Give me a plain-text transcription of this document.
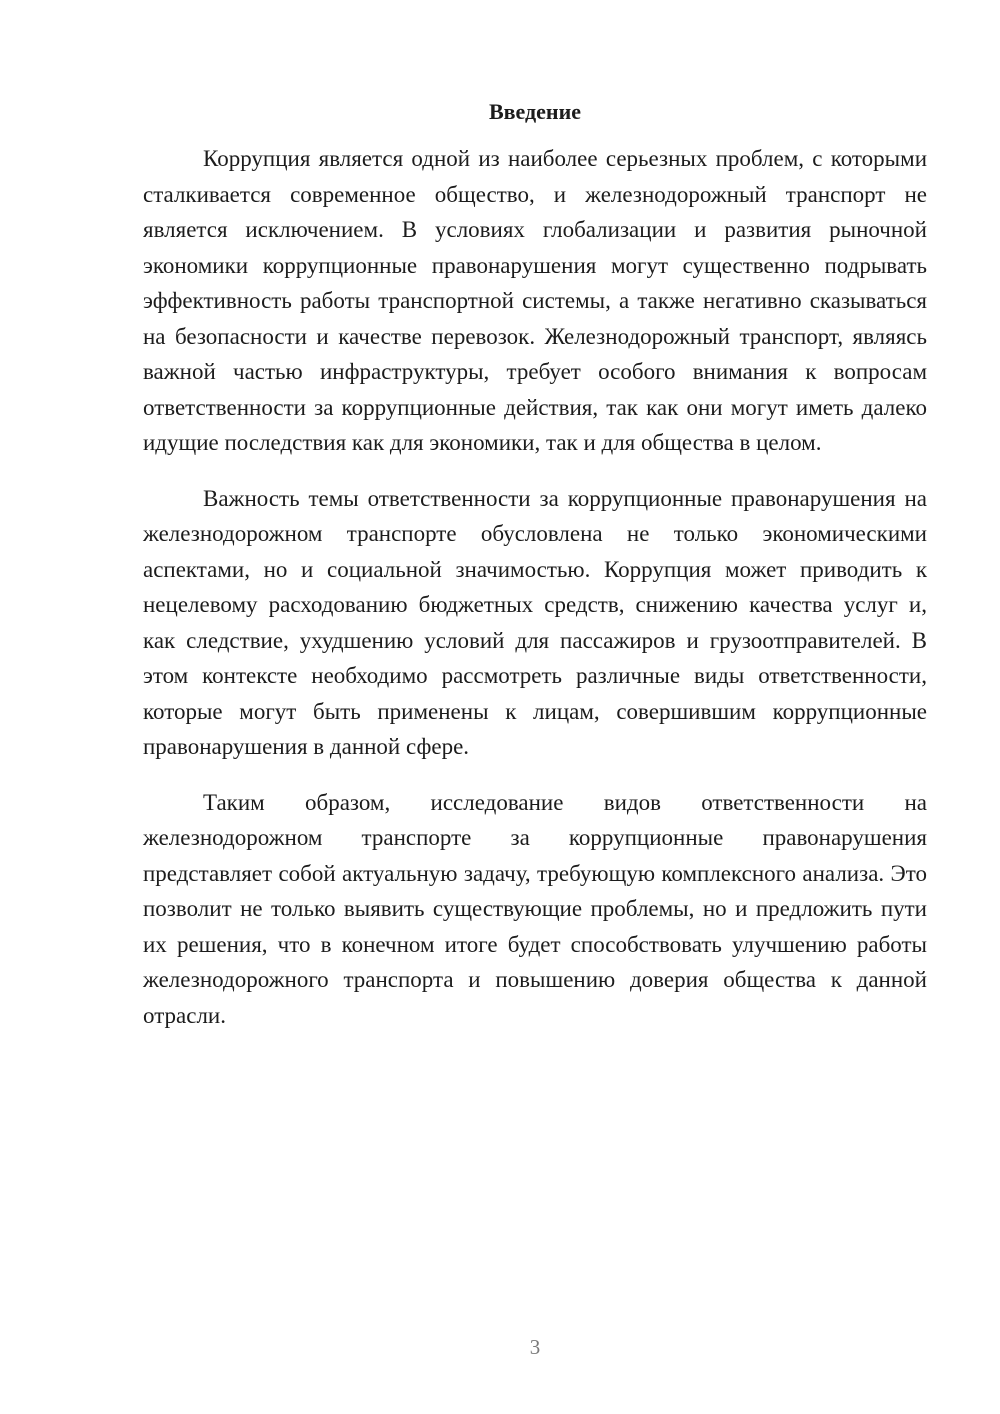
Введение

Коррупция является одной из наиболее серьезных проблем, с которыми сталкивается современное общество, и железнодорожный транспорт не является исключением. В условиях глобализации и развития рыночной экономики коррупционные правонарушения могут существенно подрывать эффективность работы транспортной системы, а также негативно сказываться на безопасности и качестве перевозок. Железнодорожный транспорт, являясь важной частью инфраструктуры, требует особого внимания к вопросам ответственности за коррупционные действия, так как они могут иметь далеко идущие последствия как для экономики, так и для общества в целом.

Важность темы ответственности за коррупционные правонарушения на железнодорожном транспорте обусловлена не только экономическими аспектами, но и социальной значимостью. Коррупция может приводить к нецелевому расходованию бюджетных средств, снижению качества услуг и, как следствие, ухудшению условий для пассажиров и грузоотправителей. В этом контексте необходимо рассмотреть различные виды ответственности, которые могут быть применены к лицам, совершившим коррупционные правонарушения в данной сфере.

Таким образом, исследование видов ответственности на железнодорожном транспорте за коррупционные правонарушения представляет собой актуальную задачу, требующую комплексного анализа. Это позволит не только выявить существующие проблемы, но и предложить пути их решения, что в конечном итоге будет способствовать улучшению работы железнодорожного транспорта и повышению доверия общества к данной отрасли.

3
